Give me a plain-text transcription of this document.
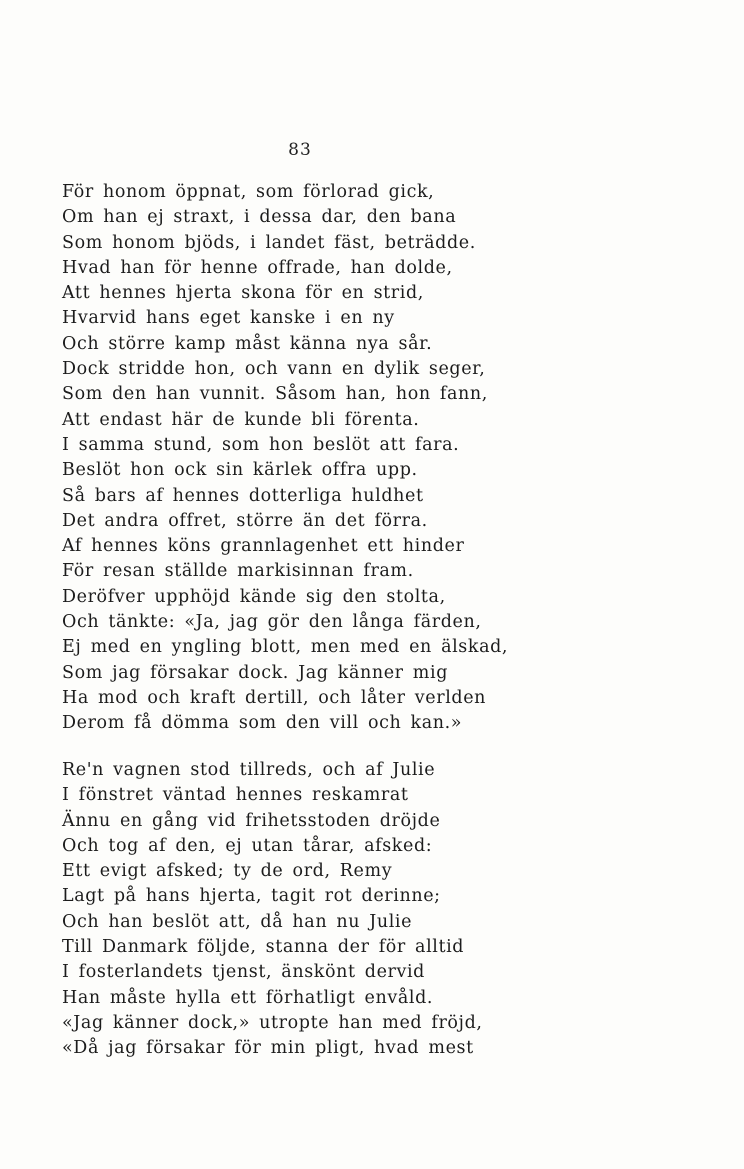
83
För honom öppnat, som förlorad gick,
Om han ej straxt, i dessa dar, den bana
Som honom bjöds, i landet fäst, beträdde.
Hvad han för henne offrade, han dolde,
Att hennes hjerta skona för en strid,
Hvarvid hans eget kanske i en ny
Och större kamp måst känna nya sår.
Dock stridde hon, och vann en dylik seger,
Som den han vunnit. Såsom han, hon fann,
Att endast här de kunde bli förenta.
I samma stund, som hon beslöt att fara.
Beslöt hon ock sin kärlek offra upp.
Så bars af hennes dotterliga huldhet
Det andra offret, större än det förra.
Af hennes köns grannlagenhet ett hinder
För resan ställde markisinnan fram.
Deröfver upphöjd kände sig den stolta,
Och tänkte: «Ja, jag gör den långa färden,
Ej med en yngling blott, men med en älskad,
Som jag försakar dock. Jag känner mig
Ha mod och kraft dertill, och låter verlden
Derom få dömma som den vill och kan.»
Re'n vagnen stod tillreds, och af Julie
I fönstret väntad hennes reskamrat
Ännu en gång vid frihetsstoden dröjde
Och tog af den, ej utan tårar, afsked:
Ett evigt afsked; ty de ord, Remy
Lagt på hans hjerta, tagit rot derinne;
Och han beslöt att, då han nu Julie
Till Danmark följde, stanna der för alltid
I fosterlandets tjenst, änskönt dervid
Han måste hylla ett förhatligt envåld.
«Jag känner dock,» utropte han med fröjd,
«Då jag försakar för min pligt, hvad mest
